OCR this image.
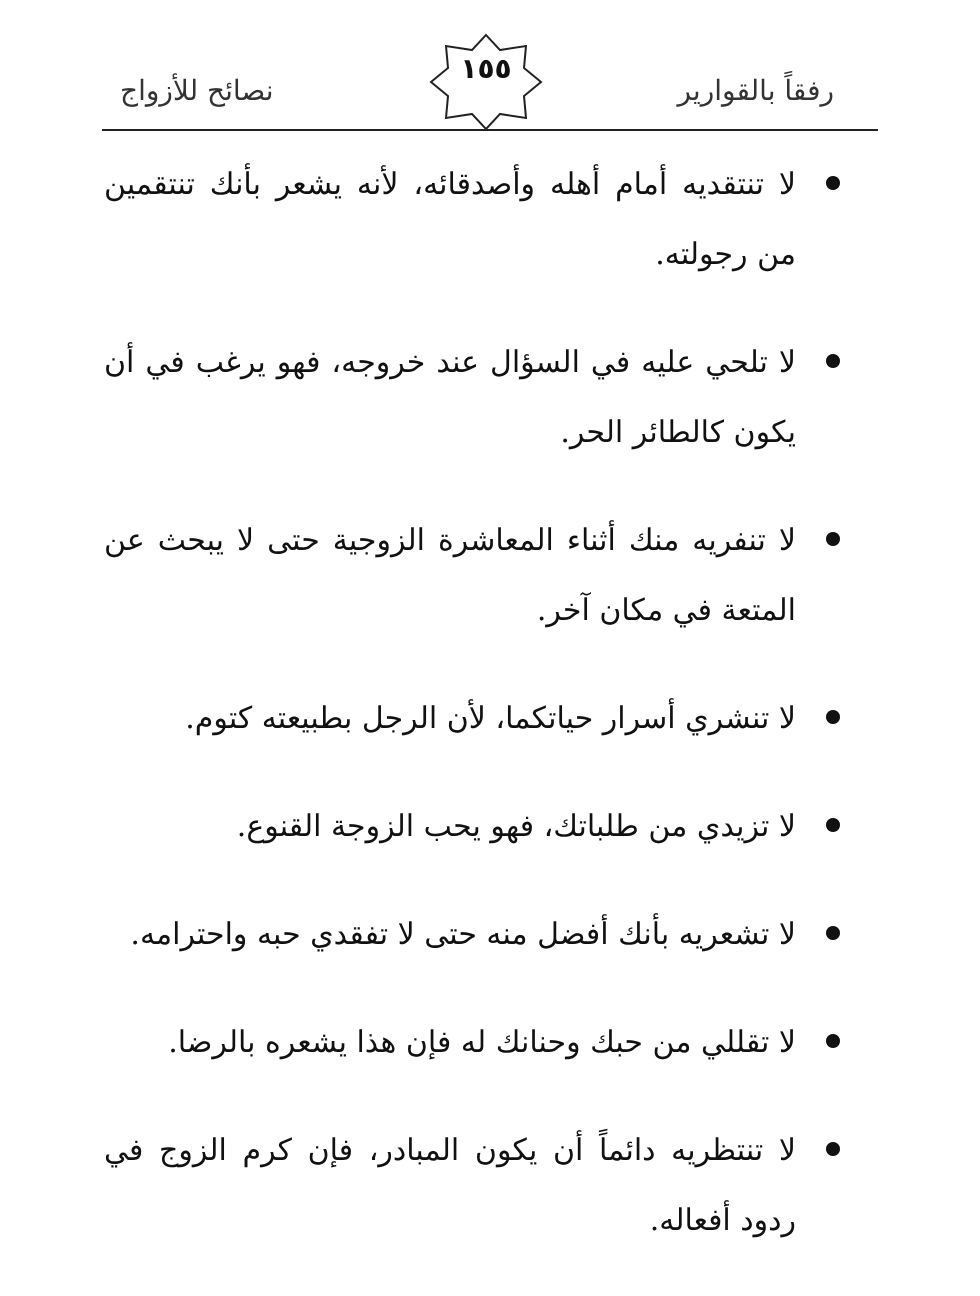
رفقاً بالقوارير
١٥٥
نصائح للأزواج
لا تنتقديه أمام أهله وأصدقائه، لأنه يشعر بأنك تنتقمين من رجولته.
لا تلحي عليه في السؤال عند خروجه، فهو يرغب في أن يكون كالطائر الحر.
لا تنفريه منك أثناء المعاشرة الزوجية حتى لا يبحث عن المتعة في مكان آخر.
لا تنشري أسرار حياتكما، لأن الرجل بطبيعته كتوم.
لا تزيدي من طلباتك، فهو يحب الزوجة القنوع.
لا تشعريه بأنك أفضل منه حتى لا تفقدي حبه واحترامه.
لا تقللي من حبك وحنانك له فإن هذا يشعره بالرضا.
لا تنتظريه دائماً أن يكون المبادر، فإن كرم الزوج في ردود أفعاله.
